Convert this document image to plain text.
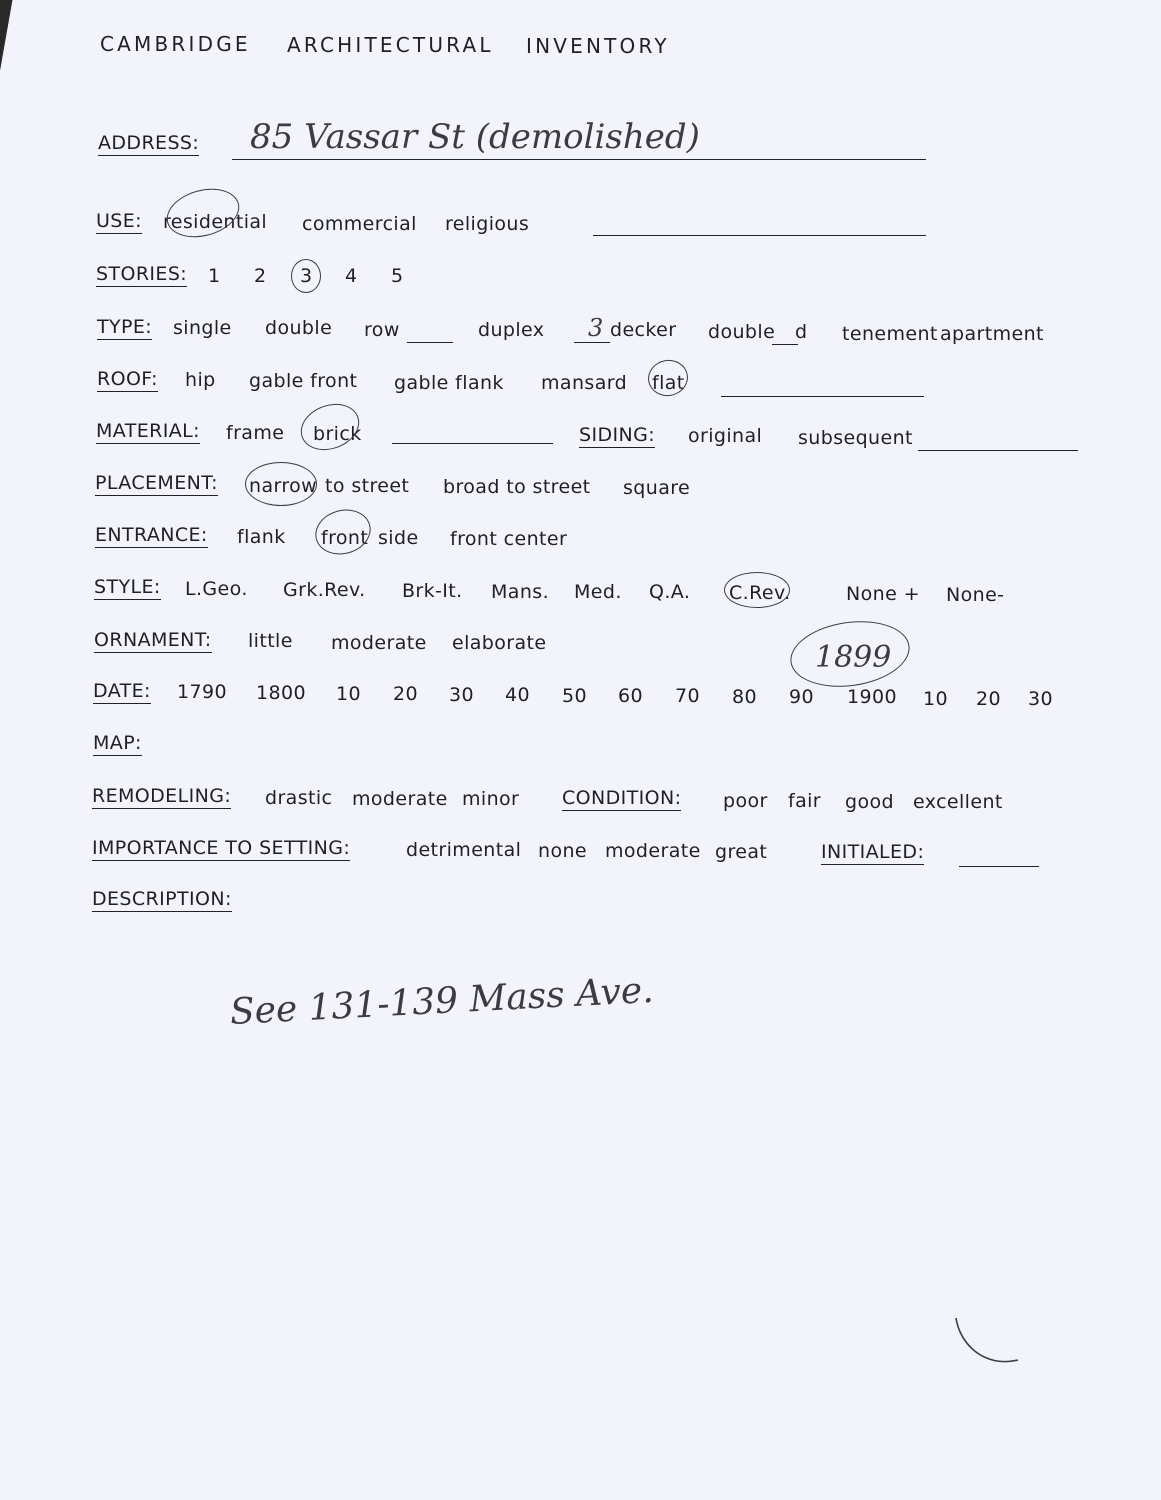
CAMBRIDGE ARCHITECTURAL INVENTORY
ADDRESS: 85 Vassar St (demolished)
USE: residential commercial religious
STORIES: 1 2 3 4 5
TYPE: single double row	duplex 3 decker double d tenement apartment
ROOF: hip gable front gable flank mansard flat
MATERIAL: frame brick	SIDING: original subsequent
PLACEMENT: narrow to street broad to street square
ENTRANCE: flank front side front center
STYLE: L.Geo. Grk.Rev. Brk-It. Mans. Med. Q.A. C.Rev.	None + None-
ORNAMENT: little moderate elaborate
DATE: 1790 1800 10 20 30 40 50 60 70 80 90 1900 10 20 30
1899
MAP:
REMODELING: drastic moderate minor CONDITION: poor fair good excellent
IMPORTANCE TO SETTING:	detrimental none moderate great	INITIALED:
DESCRIPTION:
See 131-139 Mass Ave.
